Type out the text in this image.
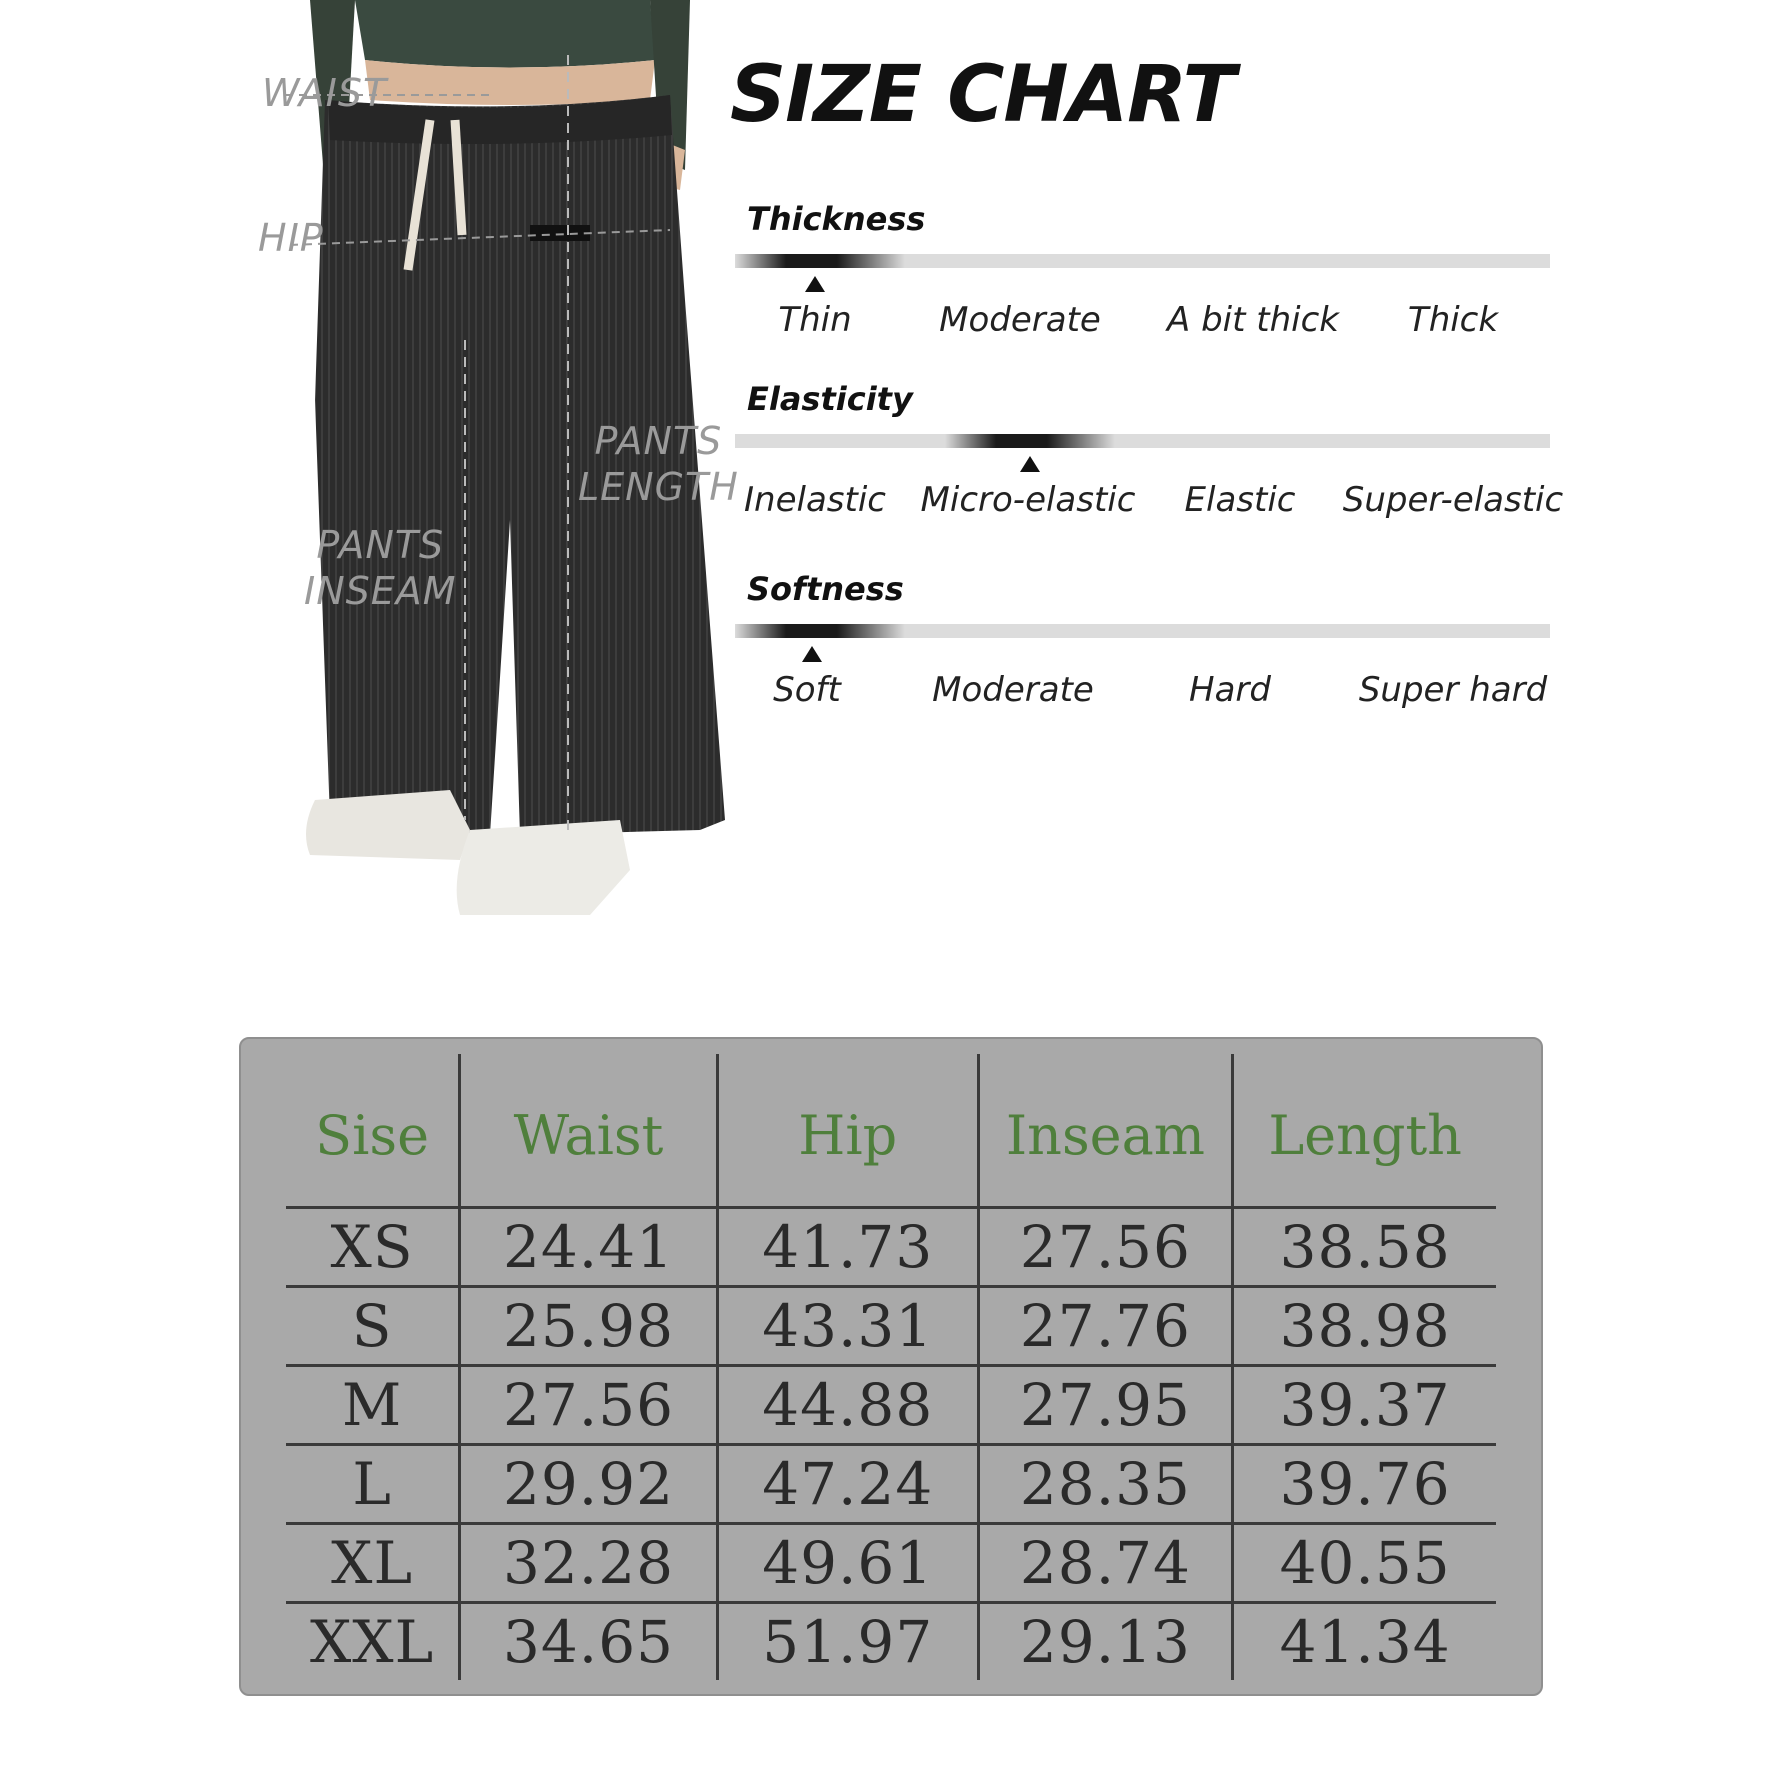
WAIST
HIP
PANTS
LENGTH
PANTS
INSEAM
SIZE CHART
Thickness
Thin	Moderate A bit thick Thick
Elasticity
Inelastic Micro-elastic Elastic Super-elastic
Softness
Soft	Moderate	Hard	Super hard
Sise	Waist	Hip	Inseam	Length
XS	24.41	41.73	27.56	38.58
S	25.98	43.31	27.76	38.98
M	27.56	44.88	27.95	39.37
L	29.92	47.24	28.35	39.76
XL	32.28	49.61	28.74	40.55
XXL	34.65	51.97	29.13	41.34
